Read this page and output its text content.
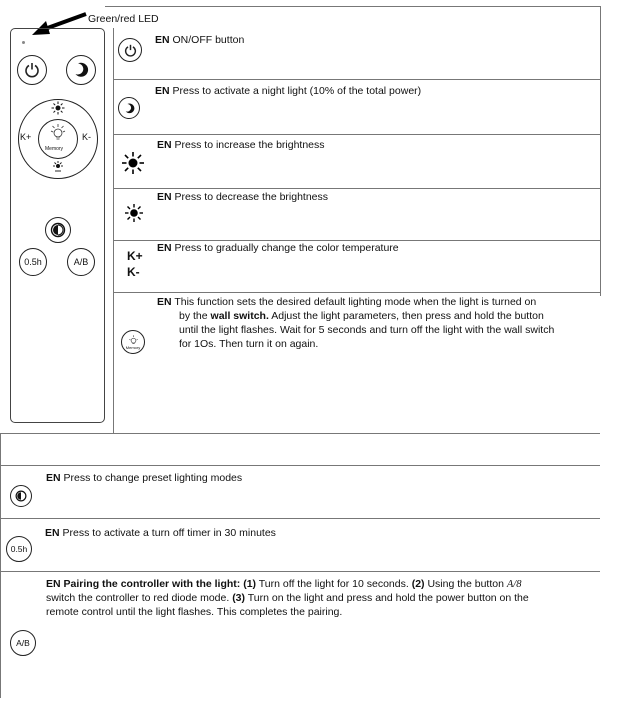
Green/red LED
Memory
K+	K-
0.5h	A/B
EN ON/OFF button
EN Press to activate a night light (10% of the total power)
EN Press to increase the brightness
EN Press to decrease the brightness
K+
K-
EN Press to gradually change the color temperature
Memory
EN This function sets the desired default lighting mode when the light is turned on
by the wall switch. Adjust the light parameters, then press and hold the button
until the light flashes. Wait for 5 seconds and turn off the light with the wall switch
for 1Os. Then turn it on again.
EN Press to change preset lighting modes
0.5h
EN Press to activate a turn off timer in 30 minutes
A/B
EN Pairing the controller with the light: (1) Turn off the light for 10 seconds. (2) Using the button A/8
switch the controller to red diode mode. (3) Turn on the light and press and hold the power button on the
remote control until the light flashes. This completes the pairing.
